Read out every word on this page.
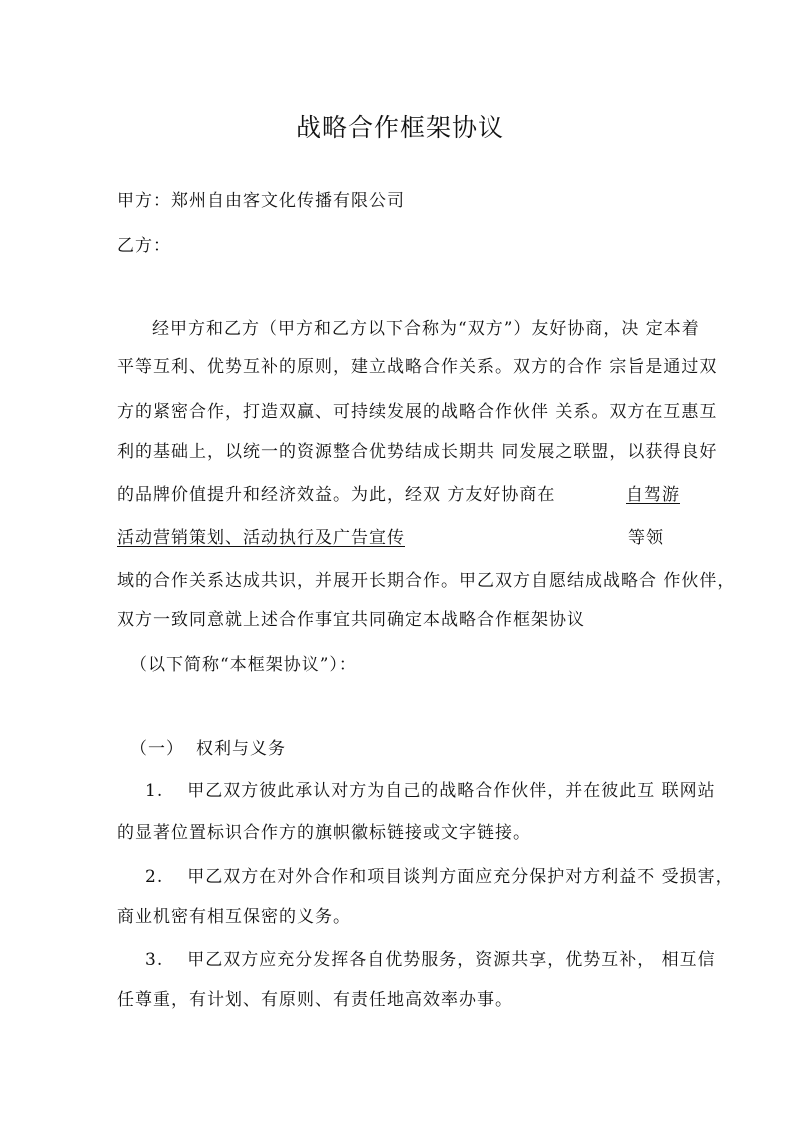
战略合作框架协议
甲方：郑州自由客文化传播有限公司
乙方：
经甲方和乙方（甲方和乙方以下合称为“双方”）友好协商，决 定本着
平等互利、优势互补的原则，建立战略合作关系。双方的合作 宗旨是通过双
方的紧密合作，打造双赢、可持续发展的战略合作伙伴 关系。双方在互惠互
利的基础上，以统一的资源整合优势结成长期共 同发展之联盟，以获得良好
的品牌价值提升和经济效益。为此，经双 方友好协商在	自驾游
活动营销策划、活动执行及广告宣传	等领
域的合作关系达成共识，并展开长期合作。甲乙双方自愿结成战略合 作伙伴，
双方一致同意就上述合作事宜共同确定本战略合作框架协议
（以下简称“本框架协议”）：
（一） 权利与义务
1. 甲乙双方彼此承认对方为自己的战略合作伙伴，并在彼此互 联网站
的显著位置标识合作方的旗帜徽标链接或文字链接。
2. 甲乙双方在对外合作和项目谈判方面应充分保护对方利益不 受损害，
商业机密有相互保密的义务。
3. 甲乙双方应充分发挥各自优势服务，资源共享，优势互补， 相互信
任尊重，有计划、有原则、有责任地高效率办事。
